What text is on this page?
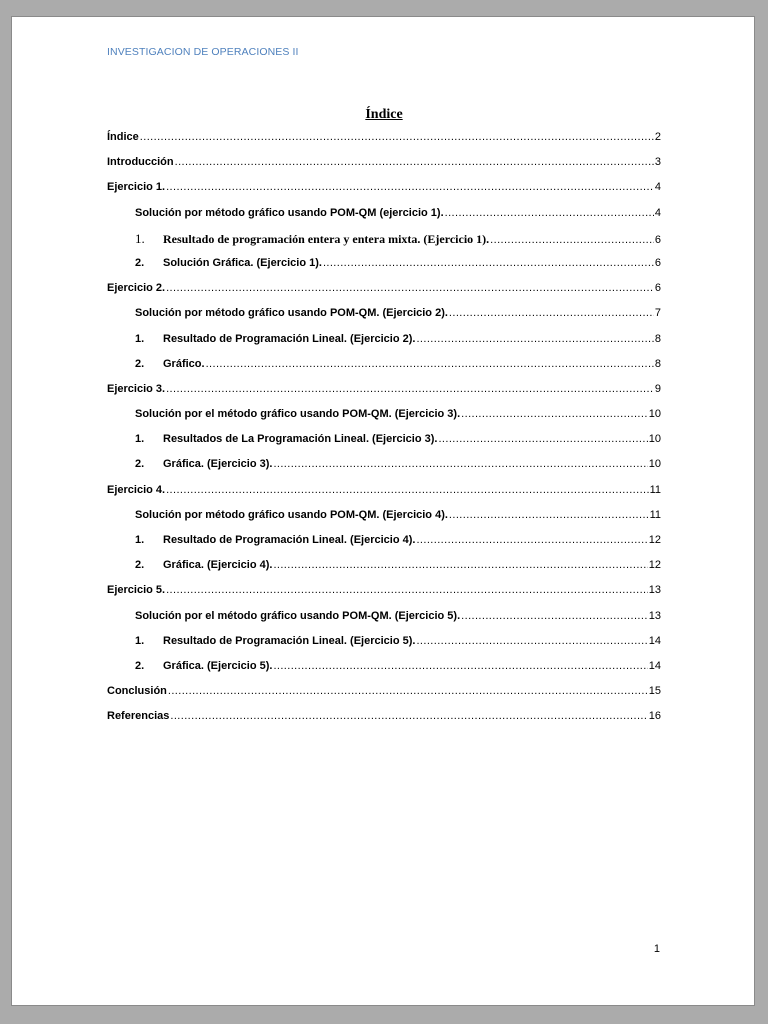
INVESTIGACION DE OPERACIONES II
Índice
Índice .....	2
Introducción .....	3
Ejercicio 1. .....	4
Solución por método gráfico usando POM-QM (ejercicio 1). .....	4
1.	Resultado de programación entera y entera mixta. (Ejercicio 1). .....	6
2.	Solución Gráfica. (Ejercicio 1). .....	6
Ejercicio 2. .....	6
Solución por método gráfico usando POM-QM. (Ejercicio 2). .....	7
1.	Resultado de Programación Lineal. (Ejercicio 2). .....	8
2.	Gráfico. .....	8
Ejercicio 3. .....	9
Solución por el método gráfico usando POM-QM. (Ejercicio 3). .....	10
1.	Resultados de La Programación Lineal. (Ejercicio 3). .....	10
2.	Gráfica. (Ejercicio 3). .....	10
Ejercicio 4. .....	11
Solución por método gráfico usando POM-QM. (Ejercicio 4). .....	11
1.	Resultado de Programación Lineal. (Ejercicio 4). .....	12
2.	Gráfica. (Ejercicio 4). .....	12
Ejercicio 5. .....	13
Solución por el método gráfico usando POM-QM. (Ejercicio 5). .....	13
1.	Resultado de Programación Lineal. (Ejercicio 5). .....	14
2.	Gráfica. (Ejercicio 5). .....	14
Conclusión .....	15
Referencias .....	16
1
